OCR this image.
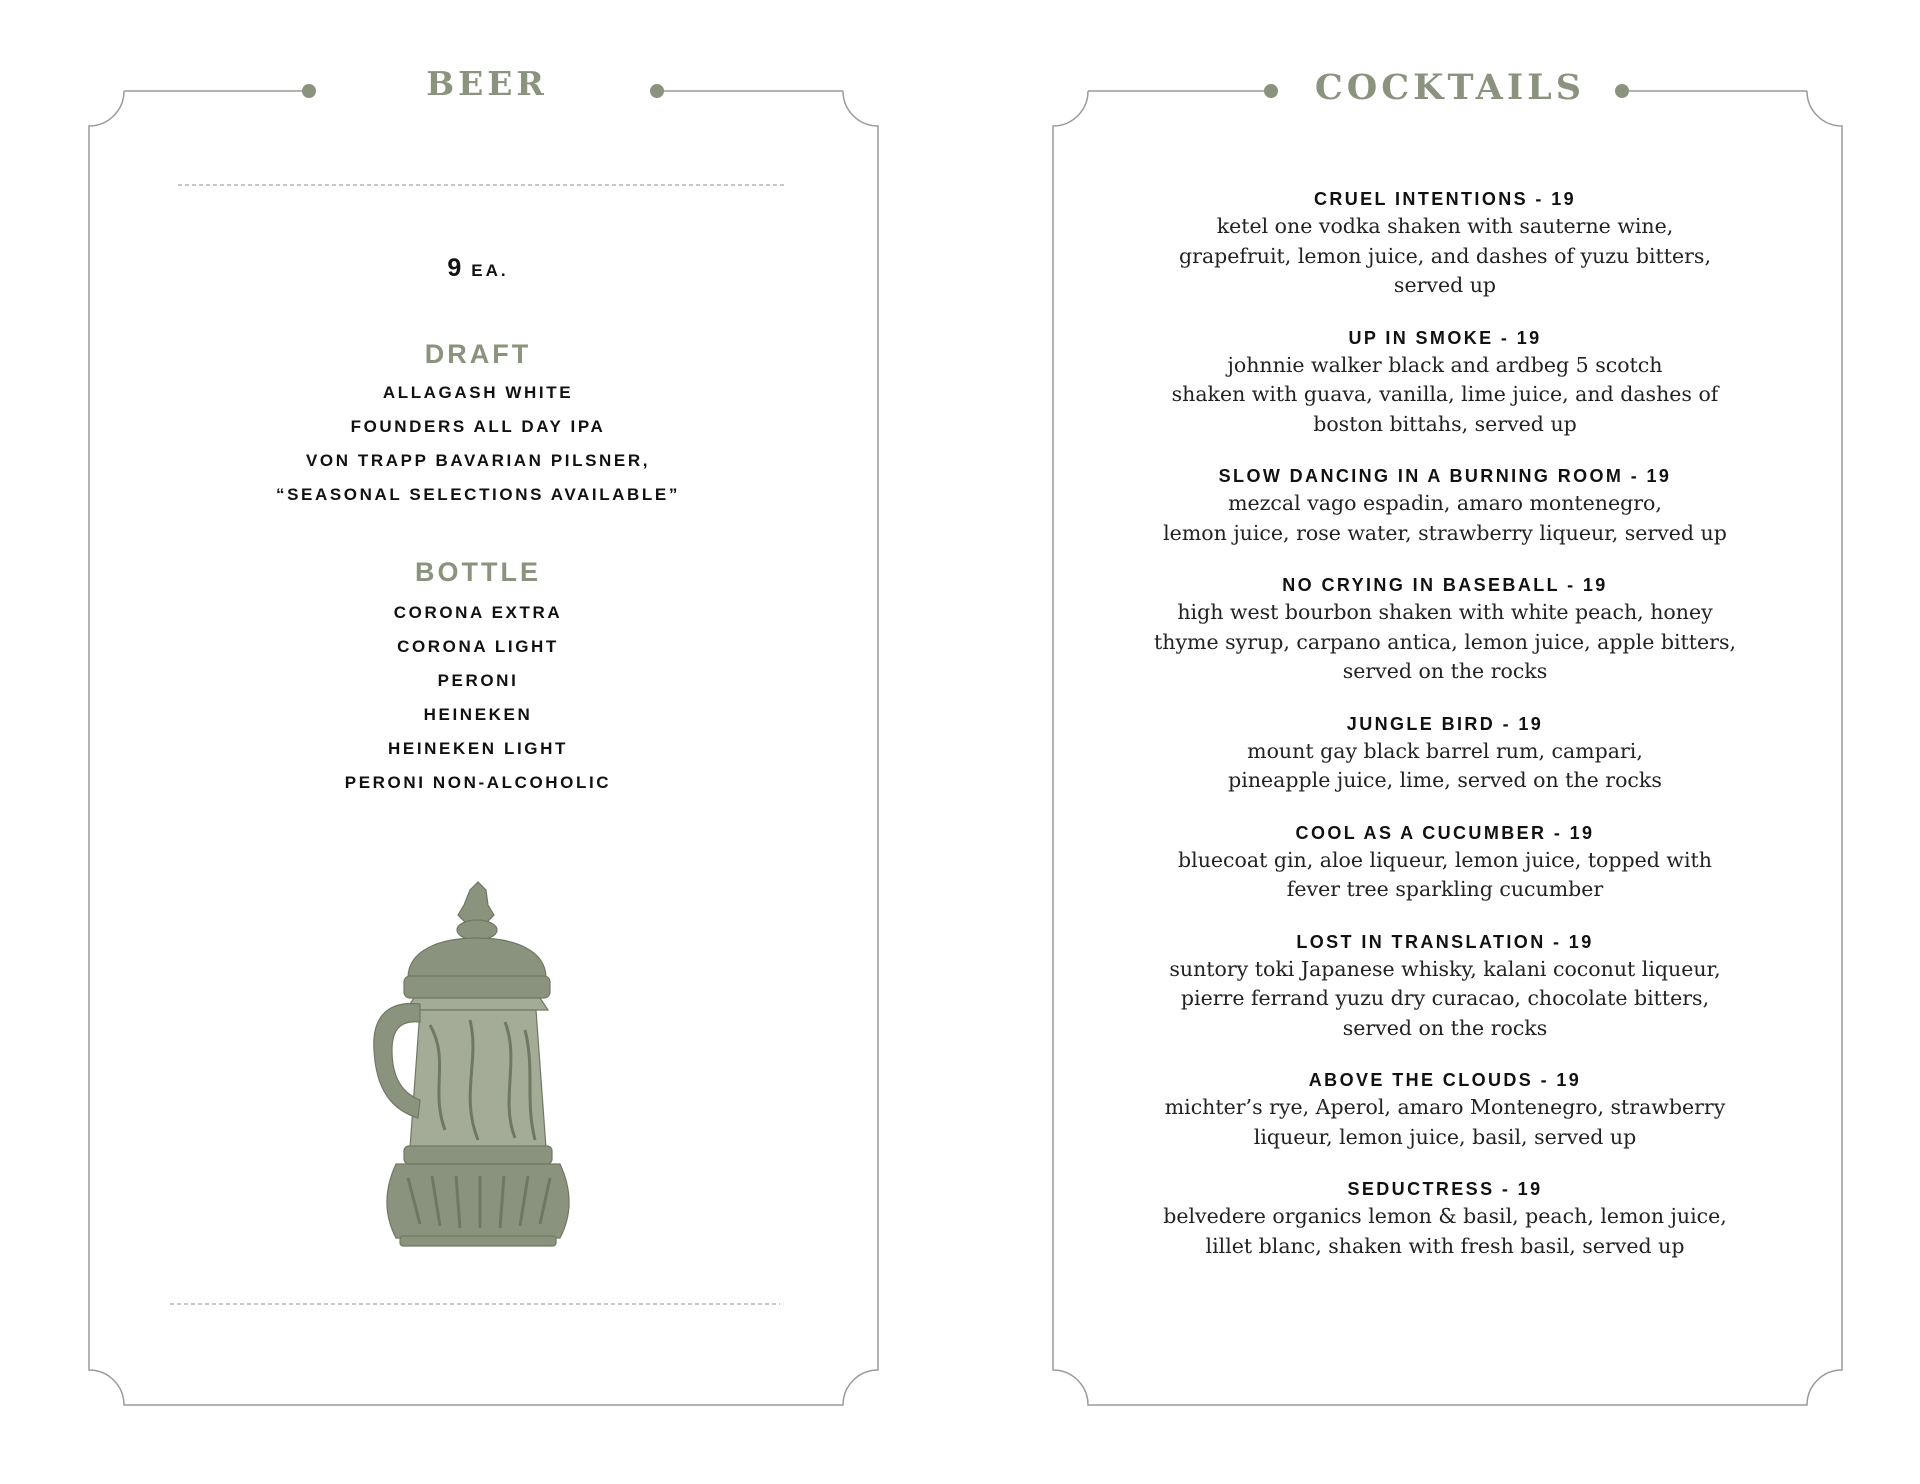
BEER
9 EA.
DRAFT
ALLAGASH WHITE
FOUNDERS ALL DAY IPA
VON TRAPP BAVARIAN PILSNER,
“SEASONAL SELECTIONS AVAILABLE”
BOTTLE
CORONA EXTRA
CORONA LIGHT
PERONI
HEINEKEN
HEINEKEN LIGHT
PERONI NON-ALCOHOLIC
COCKTAILS
CRUEL INTENTIONS - 19
ketel one vodka shaken with sauterne wine,
grapefruit, lemon juice, and dashes of yuzu bitters,
served up
UP IN SMOKE - 19
johnnie walker black and ardbeg 5 scotch
shaken with guava, vanilla, lime juice, and dashes of
boston bittahs, served up
SLOW DANCING IN A BURNING ROOM - 19
mezcal vago espadin, amaro montenegro,
lemon juice, rose water, strawberry liqueur, served up
NO CRYING IN BASEBALL - 19
high west bourbon shaken with white peach, honey
thyme syrup, carpano antica, lemon juice, apple bitters,
served on the rocks
JUNGLE BIRD - 19
mount gay black barrel rum, campari,
pineapple juice, lime, served on the rocks
COOL AS A CUCUMBER - 19
bluecoat gin, aloe liqueur, lemon juice, topped with
fever tree sparkling cucumber
LOST IN TRANSLATION - 19
suntory toki Japanese whisky, kalani coconut liqueur,
pierre ferrand yuzu dry curacao, chocolate bitters,
served on the rocks
ABOVE THE CLOUDS - 19
michter’s rye, Aperol, amaro Montenegro, strawberry
liqueur, lemon juice, basil, served up
SEDUCTRESS - 19
belvedere organics lemon & basil, peach, lemon juice,
lillet blanc, shaken with fresh basil, served up
